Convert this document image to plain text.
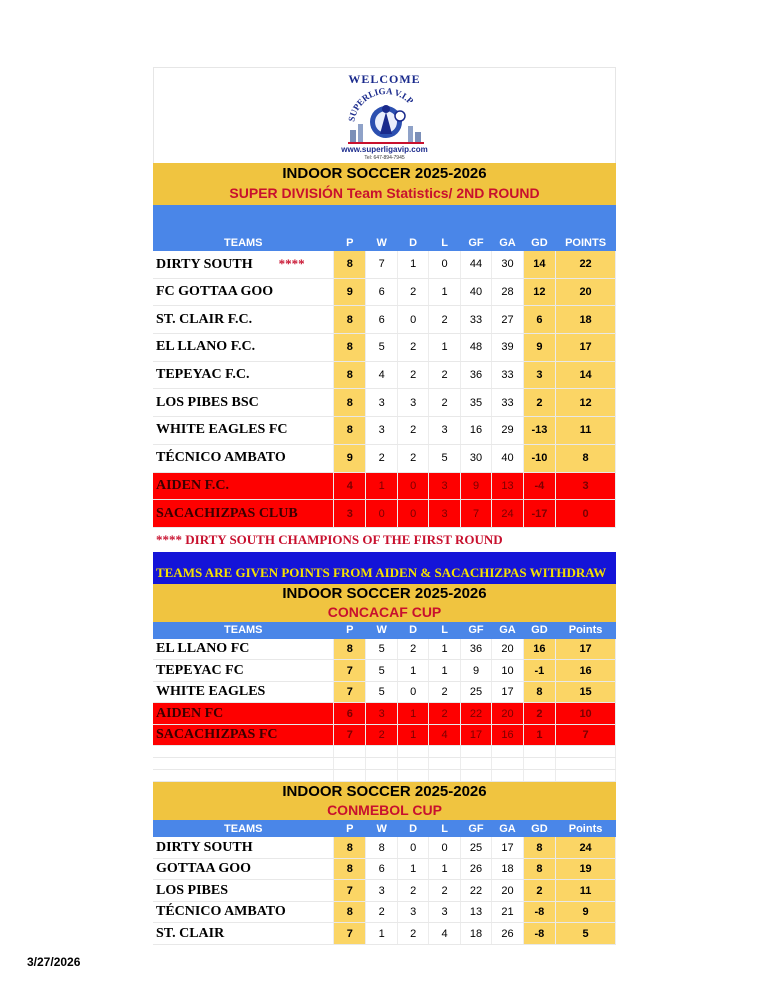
WELCOME
SUPERLIGA V.I.P
www.superligavip.com
Tel: 647-894-7945
INDOOR SOCCER 2025-2026
SUPER DIVISIÓN Team Statistics/ 2ND ROUND
TEAMS	P	W	D	L	GF	GA	GD	POINTS
DIRTY SOUTH ****	8	7	1	0	44	30	14	22
FC GOTTAA GOO	9	6	2	1	40	28	12	20
ST. CLAIR F.C.	8	6	0	2	33	27	6	18
EL LLANO F.C.	8	5	2	1	48	39	9	17
TEPEYAC F.C.	8	4	2	2	36	33	3	14
LOS PIBES BSC	8	3	3	2	35	33	2	12
WHITE EAGLES FC	8	3	2	3	16	29	-13	11
TÉCNICO AMBATO	9	2	2	5	30	40	-10	8
AIDEN F.C.	4	1	0	3	9	13	-4	3
SACACHIZPAS CLUB	3	0	0	3	7	24	-17	0
**** DIRTY SOUTH CHAMPIONS OF THE FIRST ROUND
TEAMS ARE GIVEN POINTS FROM AIDEN & SACACHIZPAS WITHDRAW
INDOOR SOCCER 2025-2026
CONCACAF CUP
TEAMS	P	W	D	L	GF	GA	GD	Points
EL LLANO FC	8	5	2	1	36	20	16	17
TEPEYAC FC	7	5	1	1	9	10	-1	16
WHITE EAGLES	7	5	0	2	25	17	8	15
AIDEN FC	6	3	1	2	22	20	2	10
SACACHIZPAS FC	7	2	1	4	17	16	1	7

INDOOR SOCCER 2025-2026
CONMEBOL CUP
TEAMS	P	W	D	L	GF	GA	GD	Points
DIRTY SOUTH	8	8	0	0	25	17	8	24
GOTTAA GOO	8	6	1	1	26	18	8	19
LOS PIBES	7	3	2	2	22	20	2	11
TÉCNICO AMBATO	8	2	3	3	13	21	-8	9
ST. CLAIR	7	1	2	4	18	26	-8	5
3/27/2026
